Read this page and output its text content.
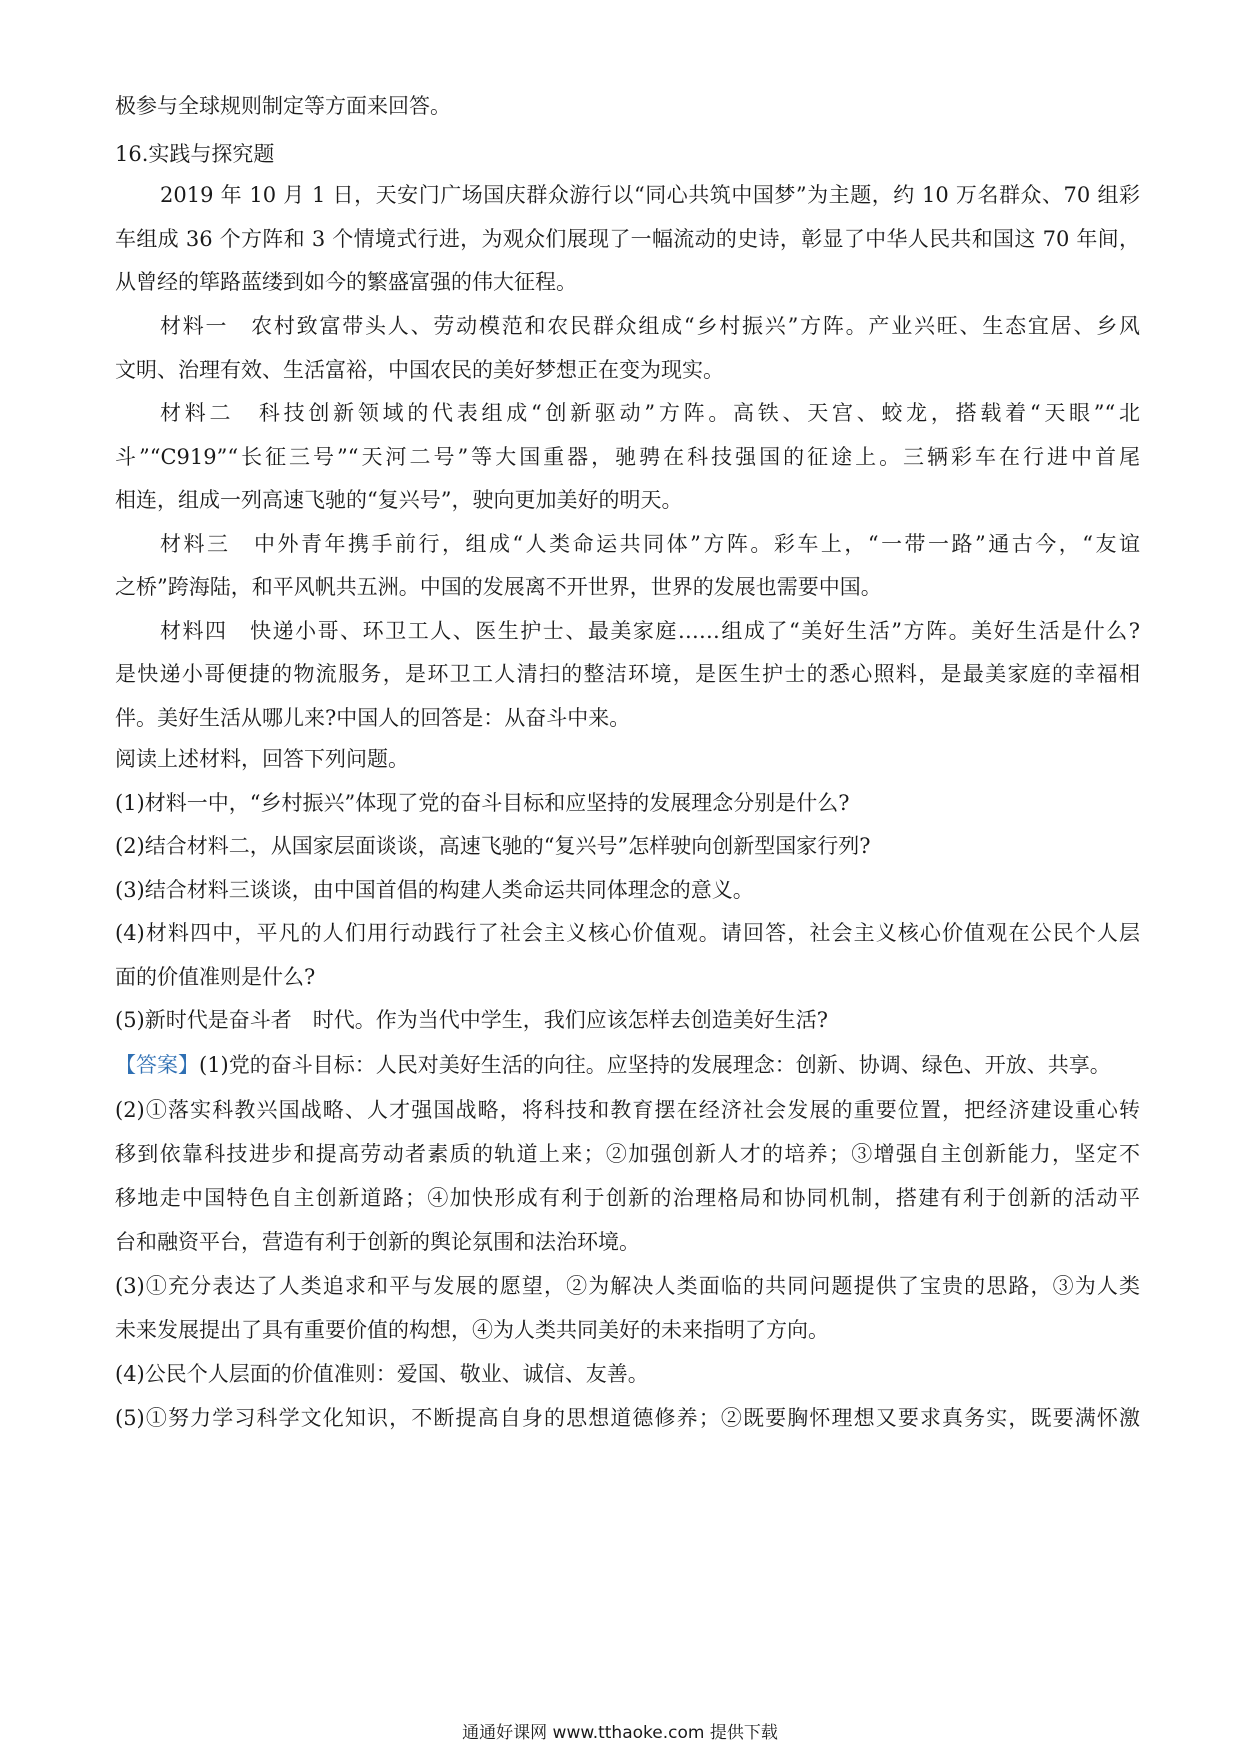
极参与全球规则制定等方面来回答。
16.实践与探究题
2019 年 10 月 1 日，天安门广场国庆群众游行以“同心共筑中国梦”为主题，约 10 万名群众、70 组彩
车组成 36 个方阵和 3 个情境式行进，为观众们展现了一幅流动的史诗，彰显了中华人民共和国这 70 年间，
从曾经的筚路蓝缕到如今的繁盛富强的伟大征程。
材料一　农村致富带头人、劳动模范和农民群众组成“乡村振兴”方阵。产业兴旺、生态宜居、乡风
文明、治理有效、生活富裕，中国农民的美好梦想正在变为现实。
材料二　科技创新领域的代表组成“创新驱动”方阵。高铁、天宫、蛟龙，搭载着“天眼”“北
斗”“C919”“长征三号”“天河二号”等大国重器，驰骋在科技强国的征途上。三辆彩车在行进中首尾
相连，组成一列高速飞驰的“复兴号”，驶向更加美好的明天。
材料三　中外青年携手前行，组成“人类命运共同体”方阵。彩车上，“一带一路”通古今，“友谊
之桥”跨海陆，和平风帆共五洲。中国的发展离不开世界，世界的发展也需要中国。
材料四　快递小哥、环卫工人、医生护士、最美家庭……组成了“美好生活”方阵。美好生活是什么?
是快递小哥便捷的物流服务，是环卫工人清扫的整洁环境，是医生护士的悉心照料，是最美家庭的幸福相
伴。美好生活从哪儿来?中国人的回答是：从奋斗中来。
阅读上述材料，回答下列问题。
(1)材料一中，“乡村振兴”体现了党的奋斗目标和应坚持的发展理念分别是什么?
(2)结合材料二，从国家层面谈谈，高速飞驰的“复兴号”怎样驶向创新型国家行列?
(3)结合材料三谈谈，由中国首倡的构建人类命运共同体理念的意义。
(4)材料四中，平凡的人们用行动践行了社会主义核心价值观。请回答，社会主义核心价值观在公民个人层
面的价值准则是什么?
(5)新时代是奋斗者　时代。作为当代中学生，我们应该怎样去创造美好生活?
【答案】(1)党的奋斗目标：人民对美好生活的向往。应坚持的发展理念：创新、协调、绿色、开放、共享。
(2)①落实科教兴国战略、人才强国战略，将科技和教育摆在经济社会发展的重要位置，把经济建设重心转
移到依靠科技进步和提高劳动者素质的轨道上来；②加强创新人才的培养；③增强自主创新能力，坚定不
移地走中国特色自主创新道路；④加快形成有利于创新的治理格局和协同机制，搭建有利于创新的活动平
台和融资平台，营造有利于创新的舆论氛围和法治环境。
(3)①充分表达了人类追求和平与发展的愿望，②为解决人类面临的共同问题提供了宝贵的思路，③为人类
未来发展提出了具有重要价值的构想，④为人类共同美好的未来指明了方向。
(4)公民个人层面的价值准则：爱国、敬业、诚信、友善。
(5)①努力学习科学文化知识，不断提高自身的思想道德修养；②既要胸怀理想又要求真务实，既要满怀激
通通好课网 www.tthaoke.com 提供下载
